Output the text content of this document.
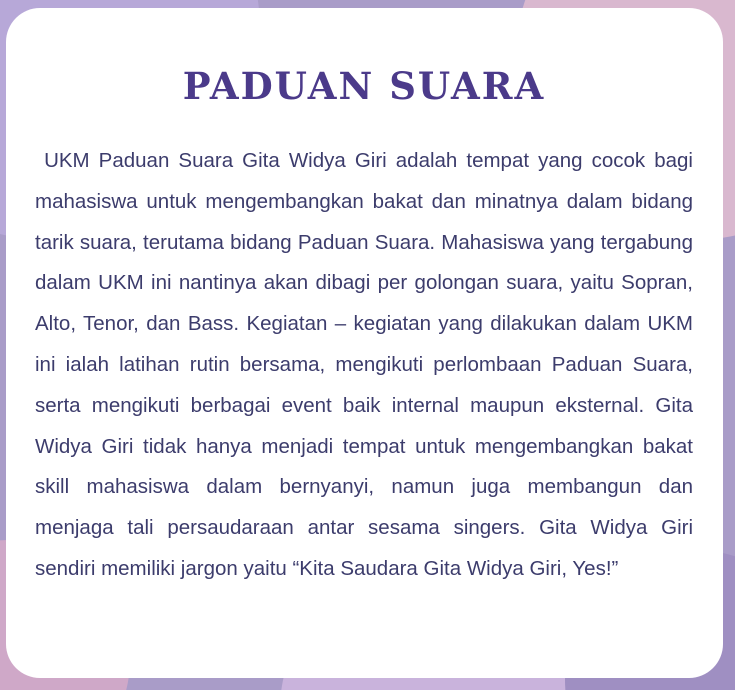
PADUAN SUARA

UKM Paduan Suara Gita Widya Giri adalah tempat yang cocok bagi mahasiswa untuk mengembangkan bakat dan minatnya dalam bidang tarik suara, terutama bidang Paduan Suara. Mahasiswa yang tergabung dalam UKM ini nantinya akan dibagi per golongan suara, yaitu Sopran, Alto, Tenor, dan Bass. Kegiatan – kegiatan yang dilakukan dalam UKM ini ialah latihan rutin bersama, mengikuti perlombaan Paduan Suara, serta mengikuti berbagai event baik internal maupun eksternal. Gita Widya Giri tidak hanya menjadi tempat untuk mengembangkan bakat skill mahasiswa dalam bernyanyi, namun juga membangun dan menjaga tali persaudaraan antar sesama singers. Gita Widya Giri sendiri memiliki jargon yaitu “Kita Saudara Gita Widya Giri, Yes!”
